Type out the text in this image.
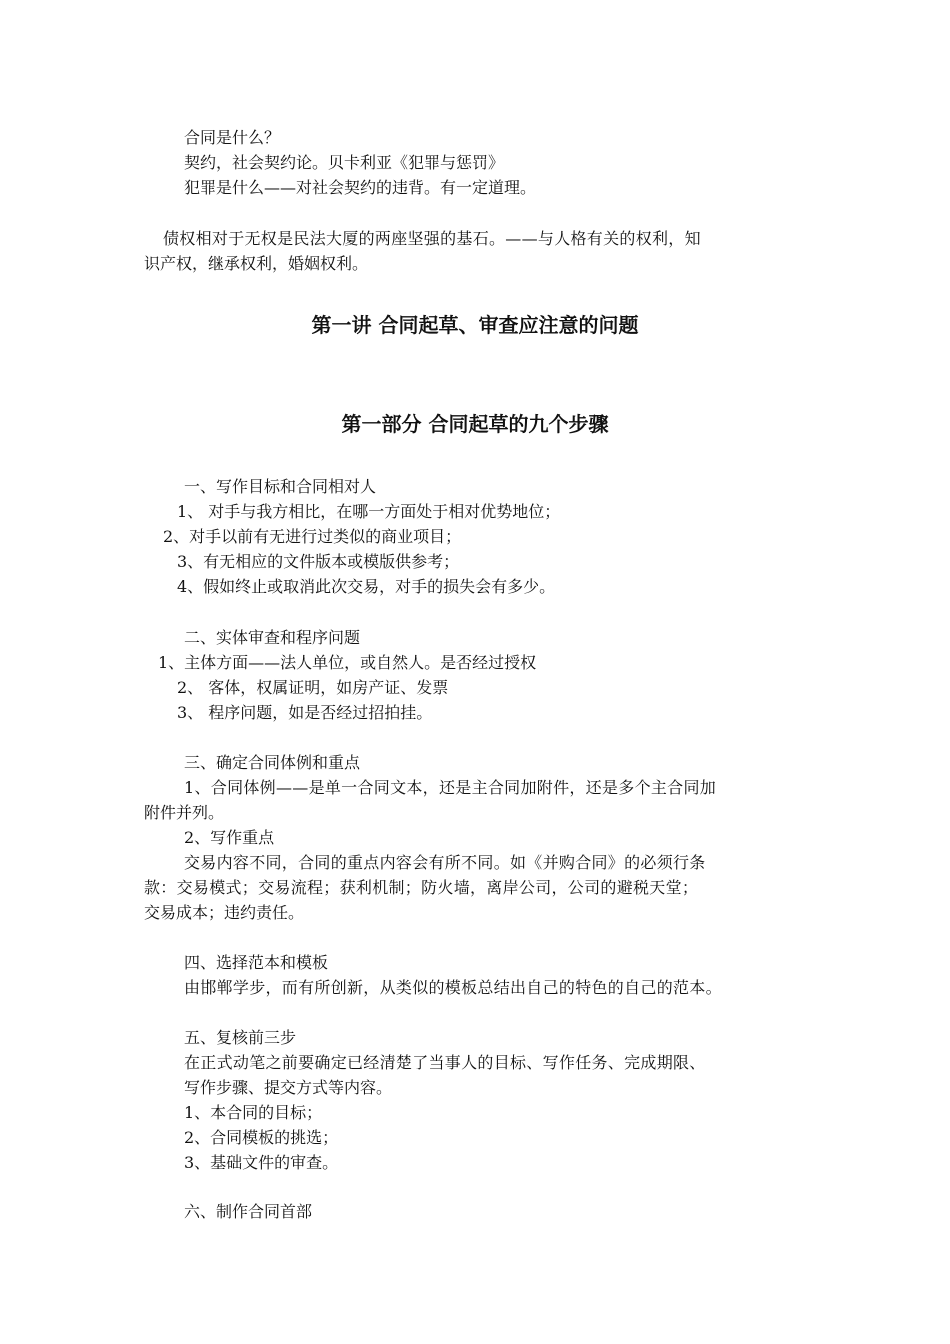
合同是什么？
契约，社会契约论。贝卡利亚《犯罪与惩罚》
犯罪是什么——对社会契约的违背。有一定道理。
债权相对于无权是民法大厦的两座坚强的基石。——与人格有关的权利，知
识产权，继承权利，婚姻权利。
第一讲 合同起草、审查应注意的问题
第一部分 合同起草的九个步骤
一、写作目标和合同相对人
1、 对手与我方相比，在哪一方面处于相对优势地位；
2、对手以前有无进行过类似的商业项目；
3、有无相应的文件版本或模版供参考；
4、假如终止或取消此次交易，对手的损失会有多少。
二、实体审查和程序问题
1、主体方面——法人单位，或自然人。是否经过授权
2、 客体，权属证明，如房产证、发票
3、 程序问题，如是否经过招拍挂。
三、确定合同体例和重点
1、合同体例——是单一合同文本，还是主合同加附件，还是多个主合同加
附件并列。
2、写作重点
交易内容不同，合同的重点内容会有所不同。如《并购合同》的必须行条
款：交易模式；交易流程；获利机制；防火墙，离岸公司，公司的避税天堂；
交易成本；违约责任。
四、选择范本和模板
由邯郸学步，而有所创新，从类似的模板总结出自己的特色的自己的范本。
五、复核前三步
在正式动笔之前要确定已经清楚了当事人的目标、写作任务、完成期限、
写作步骤、提交方式等内容。
1、本合同的目标；
2、合同模板的挑选；
3、基础文件的审查。
六、制作合同首部
